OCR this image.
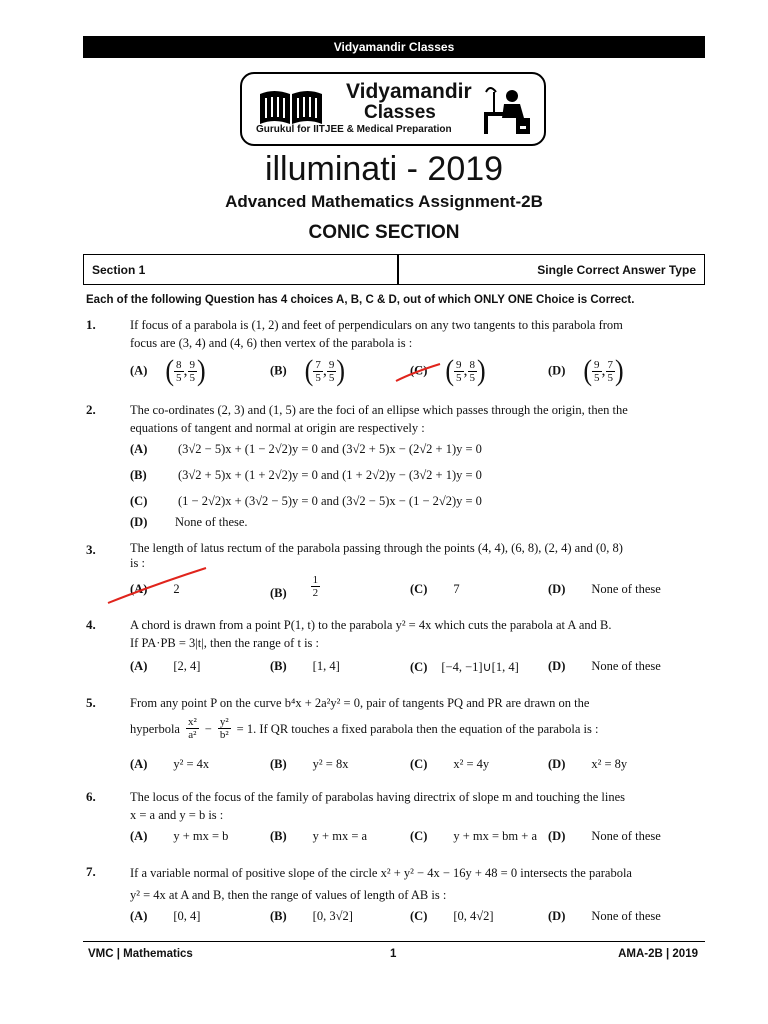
Vidyamandir Classes
Vidyamandir
Classes
Gurukul for IITJEE & Medical Preparation
illuminati - 2019
Advanced Mathematics Assignment-2B
CONIC SECTION
Section 1	Single Correct Answer Type
Each of the following Question has 4 choices A, B, C & D, out of which ONLY ONE Choice is Correct.
1.	If focus of a parabola is (1, 2) and feet of perpendiculars on any two tangents to this parabola from
focus are (3, 4) and (4, 6) then vertex of the parabola is :
(A) ( $\frac{8}{5}$ , $\frac{9}{5}$ )	(B) ( $\frac{7}{5}$ , $\frac{9}{5}$ )	(C) ( $\frac{9}{5}$ , $\frac{8}{5}$ )	(D) ( $\frac{9}{5}$ , $\frac{7}{5}$ )
2.	The co-ordinates (2, 3) and (1, 5) are the foci of an ellipse which passes through the origin, then the
equations of tangent and normal at origin are respectively :
(A) (3√2 − 5)x + (1 − 2√2)y = 0 and (3√2 + 5)x − (2√2 + 1)y = 0
(B)	(3√2 + 5)x + (1 + 2√2)y = 0 and (1 + 2√2)y − (3√2 + 1)y = 0
(C) (1 − 2√2)x + (3√2 − 5)y = 0 and (3√2 − 5)x − (1 − 2√2)y = 0
(D) None of these.
3.	The length of latus rectum of the parabola passing through the points (4, 4), (6, 8), (2, 4) and (0, 8)
is :
(A) 2	$(B) \frac{1}{2}$	(C) 7	(D) None of these
4.	A chord is drawn from a point P(1, t) to the parabola y² = 4x which cuts the parabola at A and B.
If PA·PB = 3|t|, then the range of t is :
(A) [2, 4]	(B) [1, 4]	(C) [−4, −1]∪[1, 4] (D) None of these
5.	From any point P on the curve b⁴x + 2a²y² = 0, pair of tangents PQ and PR are drawn on the
hyperbola $\frac{\text{x²}}{\text{a²}} - \frac{\text{y²}}{\text{b²}} = 1$. If QR touches a fixed parabola then the equation of the parabola is :
(A) y² = 4x	(B) y² = 8x	(C) x² = 4y	(D) x² = 8y
6.	The locus of the focus of the family of parabolas having directrix of slope m and touching the lines
x = a and y = b is :
(A) y + mx = b	(B) y + mx = a	(C) y + mx = bm + a (D) None of these
7.	If a variable normal of positive slope of the circle x² + y² − 4x − 16y + 48 = 0 intersects the parabola
y² = 4x at A and B, then the range of values of length of AB is :
(A) [0, 4]	(B) [0, 3√2]	(C) [0, 4√2]	(D) None of these
VMC | Mathematics	1	AMA-2B | 2019
